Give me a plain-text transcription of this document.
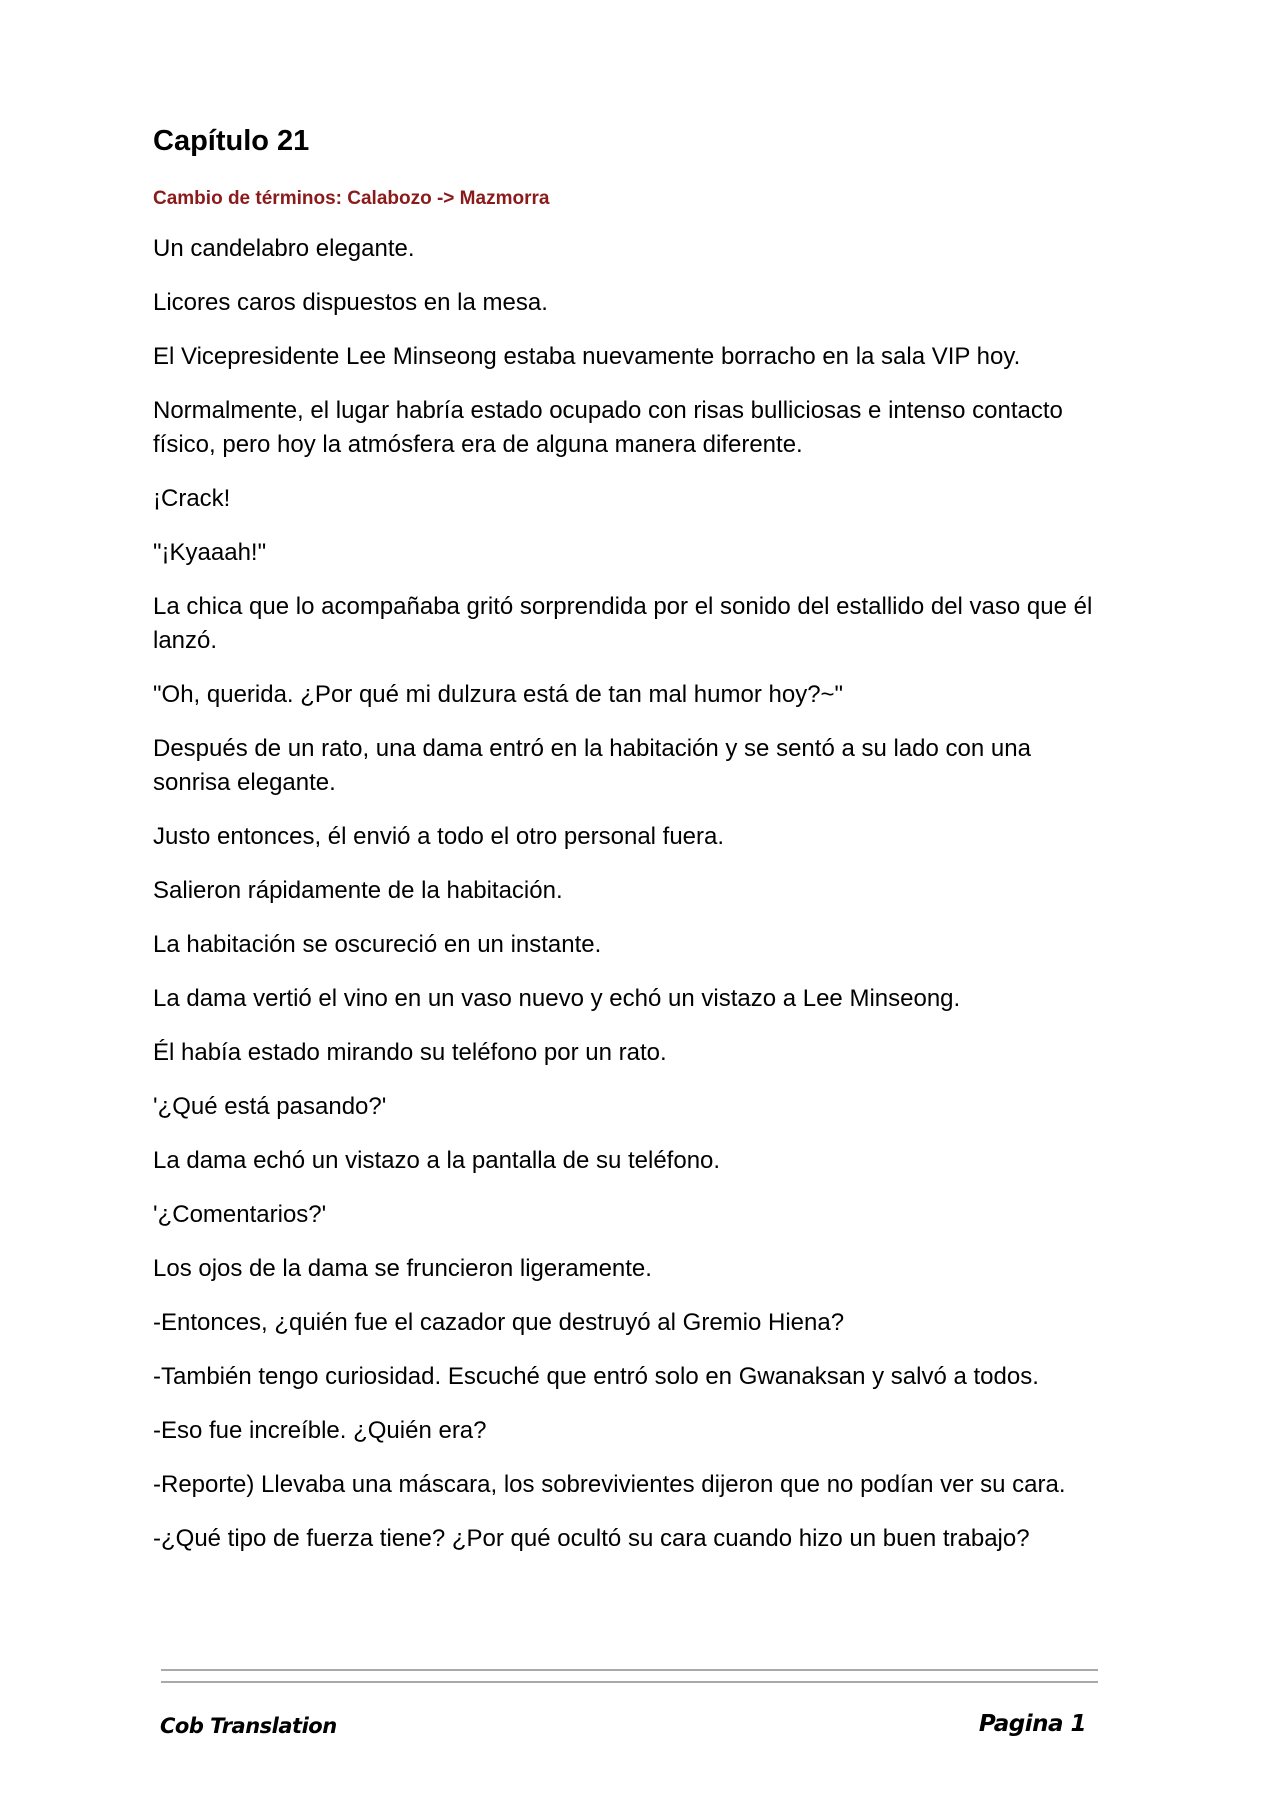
Capítulo 21
Cambio de términos: Calabozo -> Mazmorra

Un candelabro elegante.

Licores caros dispuestos en la mesa.

El Vicepresidente Lee Minseong estaba nuevamente borracho en la sala VIP hoy.

Normalmente, el lugar habría estado ocupado con risas bulliciosas e intenso contacto físico, pero hoy la atmósfera era de alguna manera diferente.

¡Crack!

"¡Kyaaah!"

La chica que lo acompañaba gritó sorprendida por el sonido del estallido del vaso que él lanzó.

"Oh, querida. ¿Por qué mi dulzura está de tan mal humor hoy?~"

Después de un rato, una dama entró en la habitación y se sentó a su lado con una sonrisa elegante.

Justo entonces, él envió a todo el otro personal fuera.

Salieron rápidamente de la habitación.

La habitación se oscureció en un instante.

La dama vertió el vino en un vaso nuevo y echó un vistazo a Lee Minseong.

Él había estado mirando su teléfono por un rato.

'¿Qué está pasando?'

La dama echó un vistazo a la pantalla de su teléfono.

'¿Comentarios?'

Los ojos de la dama se fruncieron ligeramente.

-Entonces, ¿quién fue el cazador que destruyó al Gremio Hiena?

-También tengo curiosidad. Escuché que entró solo en Gwanaksan y salvó a todos.

-Eso fue increíble. ¿Quién era?

-Reporte) Llevaba una máscara, los sobrevivientes dijeron que no podían ver su cara.

-¿Qué tipo de fuerza tiene? ¿Por qué ocultó su cara cuando hizo un buen trabajo?

Cob Translation	Pagina 1
